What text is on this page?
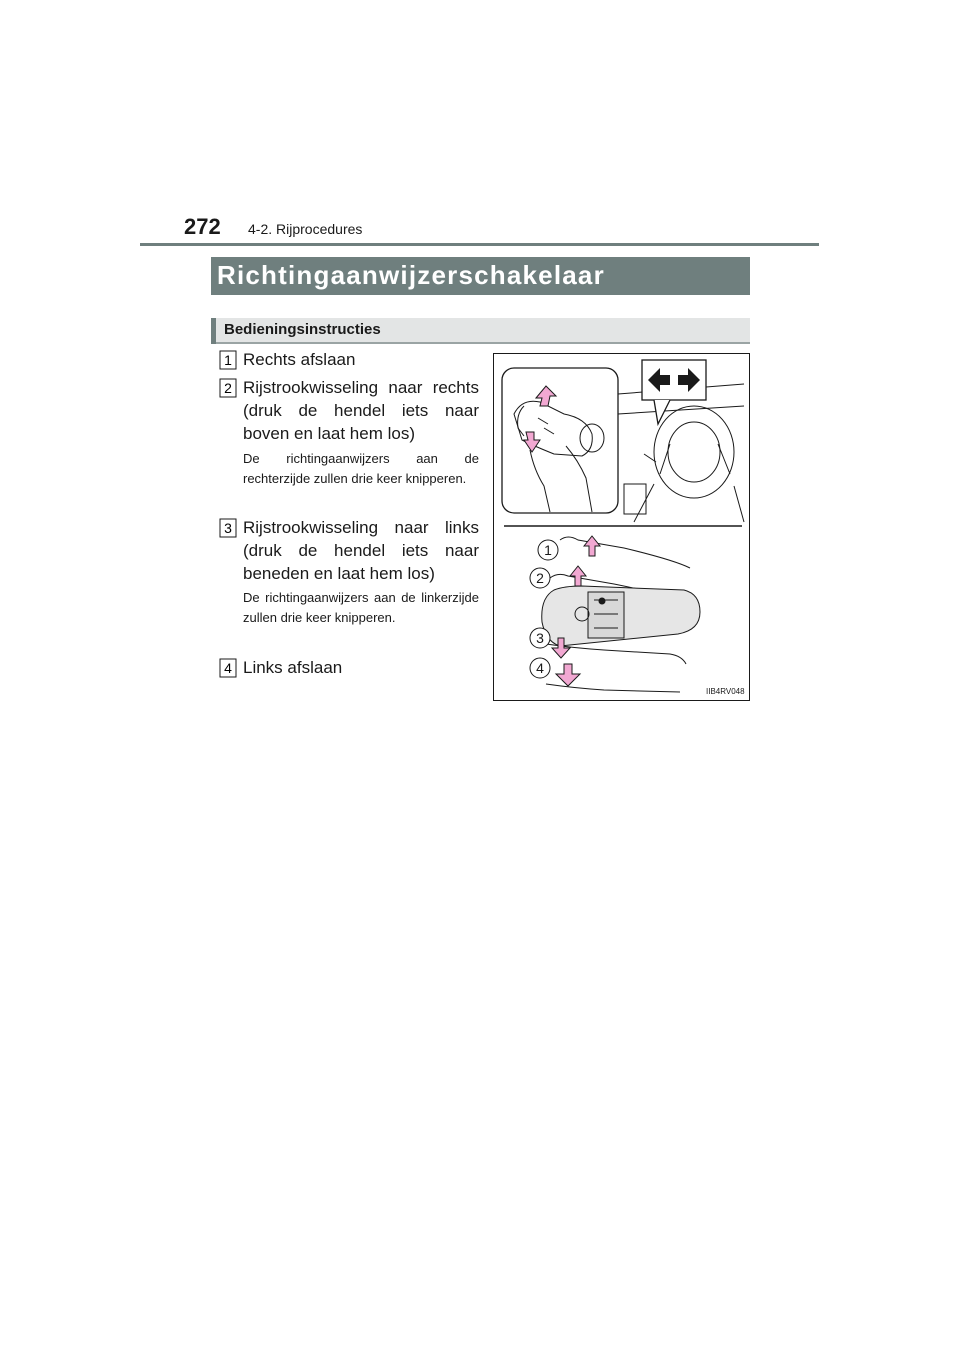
272 4-2. Rijprocedures
Richtingaanwijzerschakelaar
Bedieningsinstructies
1 Rechts afslaan
2 Rijstrookwisseling naar rechts (druk de hendel iets naar boven en laat hem los)
De richtingaanwijzers aan de rechterzijde zullen drie keer knipperen.
3 Rijstrookwisseling naar links (druk de hendel iets naar beneden en laat hem los)
De richtingaanwijzers aan de linkerzijde zullen drie keer knipperen.
4 Links afslaan
1
2
3
4
IIB4RV048
